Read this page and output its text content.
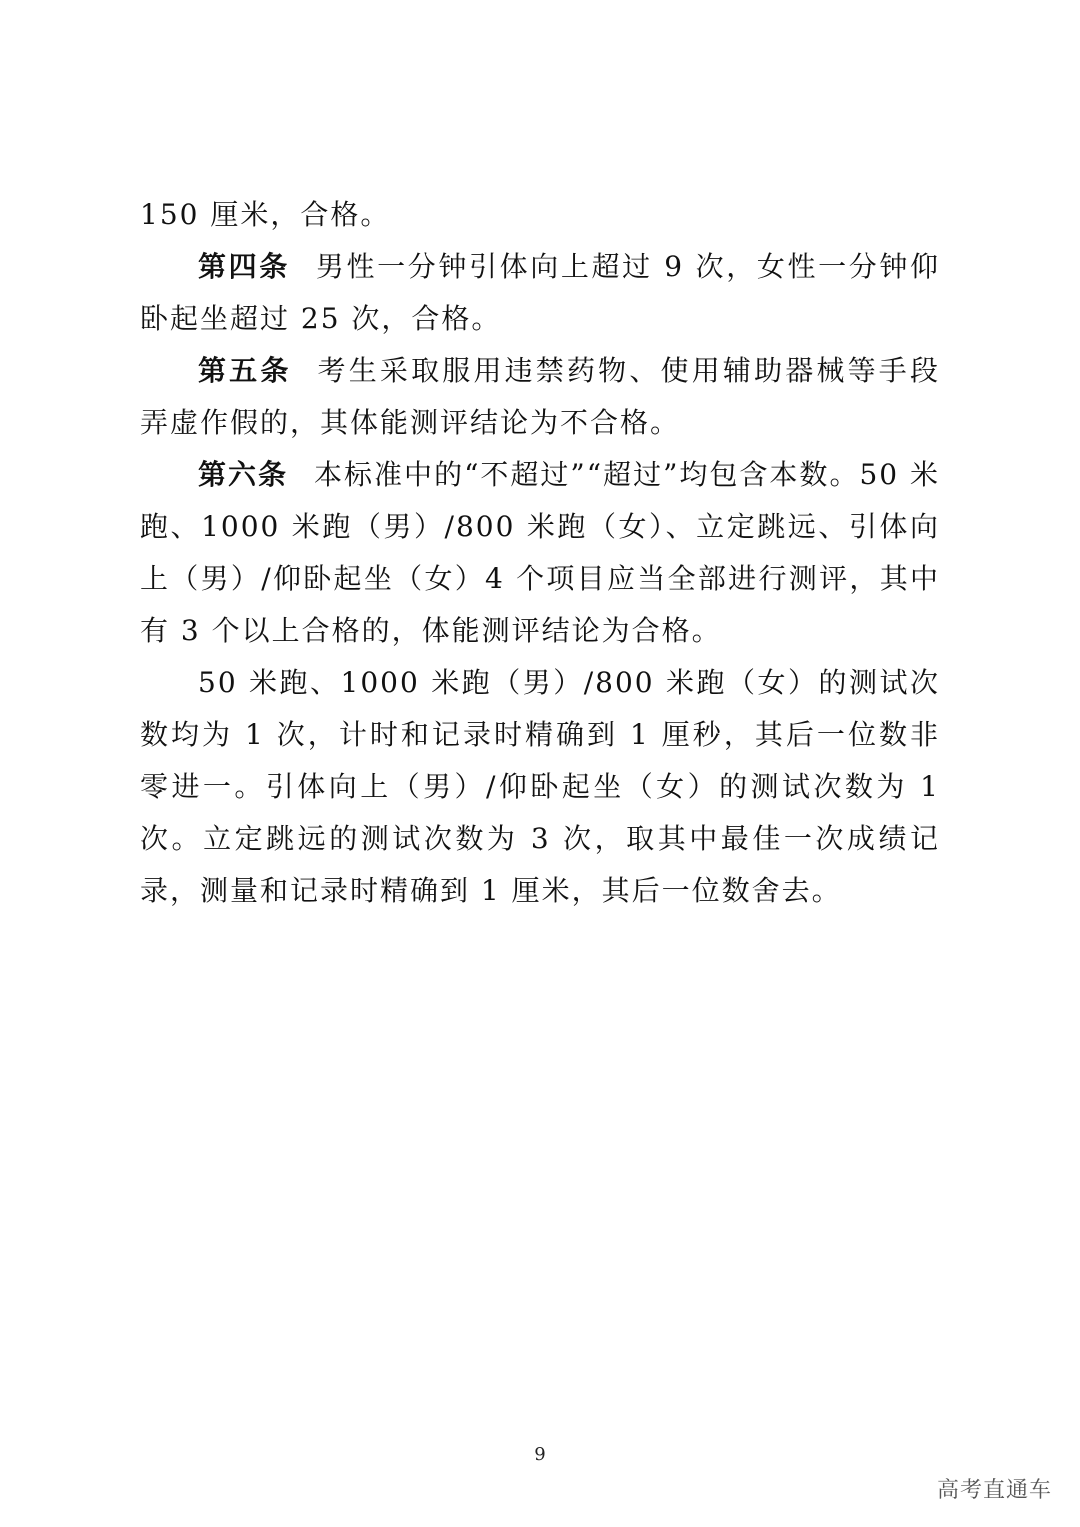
150 厘米，合格。

第四条 男性一分钟引体向上超过 9 次，女性一分钟仰卧起坐超过 25 次，合格。

第五条 考生采取服用违禁药物、使用辅助器械等手段弄虚作假的，其体能测评结论为不合格。

第六条 本标准中的“不超过”“超过”均包含本数。50 米跑、1000 米跑（男）/800 米跑（女）、立定跳远、引体向上（男）/仰卧起坐（女）4 个项目应当全部进行测评，其中有 3 个以上合格的，体能测评结论为合格。

50 米跑、1000 米跑（男）/800 米跑（女）的测试次数均为 1 次，计时和记录时精确到 1 厘秒，其后一位数非零进一。引体向上（男）/仰卧起坐（女）的测试次数为 1 次。立定跳远的测试次数为 3 次，取其中最佳一次成绩记录，测量和记录时精确到 1 厘米，其后一位数舍去。

9
高考直通车
